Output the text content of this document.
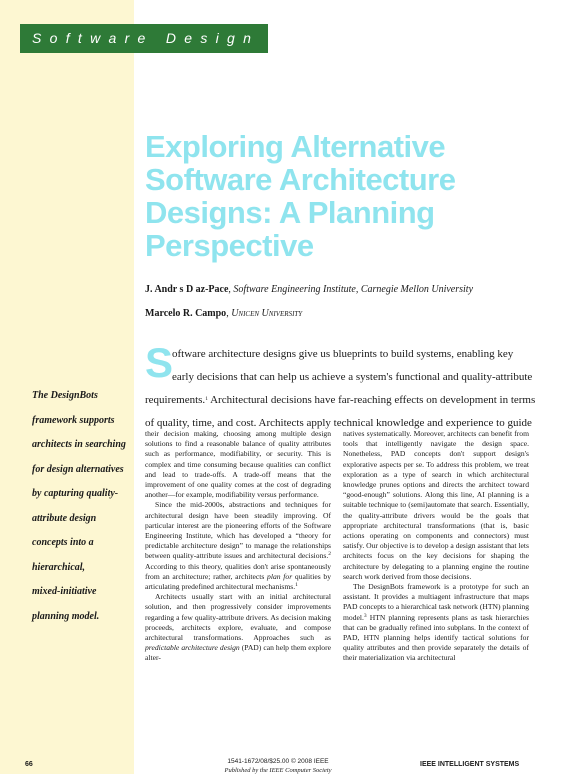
Software Design
Exploring Alternative
Software Architecture
Designs: A Planning
Perspective
J. Andr s D az-Pace, Software Engineering Institute, Carnegie Mellon University
Marcelo R. Campo, Unicen University
S
oftware architecture designs give us blueprints to build systems, enabling key
early decisions that can help us achieve a system's functional and quality-attribute
requirements.$^1$ Architectural decisions have far-reaching effects on development in terms
of quality, time, and cost. Architects apply technical knowledge and experience to guide
The DesignBots
framework supports
architects in searching
for design alternatives
by capturing quality-
attribute design
concepts into a
hierarchical,
mixed-initiative
planning model.

their decision making, choosing among multiple design solutions to find a reasonable balance of quality attributes such as performance, modifiability, or security. This is complex and time consuming because qualities can conflict and lead to trade-offs. A trade-off means that the improvement of one quality comes at the cost of degrading another—for example, modifiability versus performance.

Since the mid-2000s, abstractions and techniques for architectural design have been steadily improving. Of particular interest are the pioneering efforts of the Software Engineering Institute, which has developed a “theory for predictable architecture design” to manage the relationships between quality-attribute issues and architectural decisions.$^2$ According to this theory, qualities don't arise spontaneously from an architecture; rather, architects plan for qualities by articulating predefined architectural mechanisms.$^1$

Architects usually start with an initial architectural solution, and then progressively consider improvements regarding a few quality-attribute drivers. As decision making proceeds, architects explore, evaluate, and compose architectural transformations. Approaches such as predictable architecture design (PAD) can help them explore alter-

natives systematically. Moreover, architects can benefit from tools that intelligently navigate the design space. Nonetheless, PAD concepts don't support design's explorative aspects per se. To address this problem, we treat exploration as a type of search in which architectural knowledge prunes options and directs the architect toward “good-enough” solutions. Along this line, AI planning is a suitable technique to (semi)automate that search. Essentially, the quality-attribute drivers would be the goals that appropriate architectural transformations (that is, basic actions operating on components and connectors) must satisfy. Our objective is to develop a design assistant that lets architects focus on the key decisions for shaping the architecture by delegating to a planning engine the routine search work derived from those decisions.

The DesignBots framework is a prototype for such an assistant. It provides a multiagent infrastructure that maps PAD concepts to a hierarchical task network (HTN) planning model.$^3$ HTN planning represents plans as task hierarchies that can be gradually refined into subplans. In the context of PAD, HTN planning helps identify tactical solutions for quality attributes and then provide separately the details of their materialization via architectural

66	1541-1672/08/$25.00 © 2008 IEEE
Published by the IEEE Computer Society
IEEE INTELLIGENT SYSTEMS
